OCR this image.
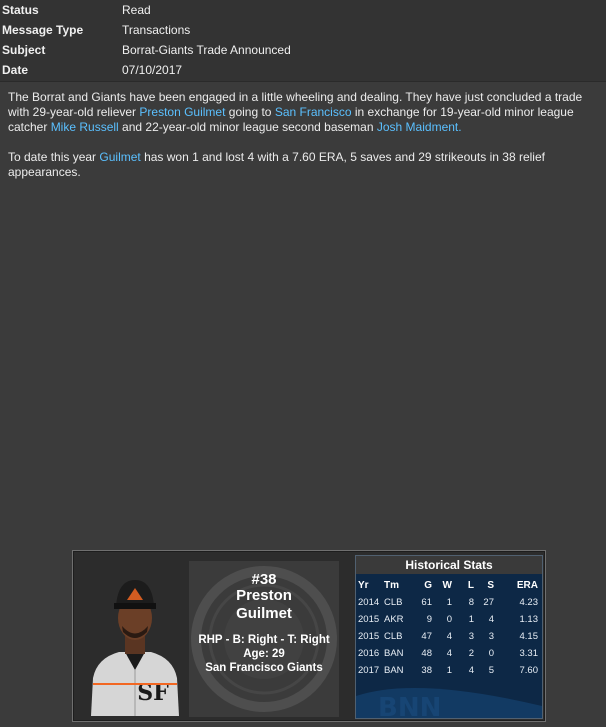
Status	Read
Message Type	Transactions
Subject	Borrat-Giants Trade Announced
Date	07/10/2017

The Borrat and Giants have been engaged in a little wheeling and dealing. They have just concluded a trade with 29-year-old reliever Preston Guilmet going to San Francisco in exchange for 19-year-old minor league catcher Mike Russell and 22-year-old minor league second baseman Josh Maidment.

To date this year Guilmet has won 1 and lost 4 with a 7.60 ERA, 5 saves and 29 strikeouts in 38 relief appearances.

SF
#38
Preston
Guilmet
RHP - B: Right - T: Right
Age: 29
San Francisco Giants
BNN
Historical Stats
Yr Tm	G W L S ERA
2014 CLB 61 1 8 27	4.23
2015 AKR 9 0 1 4	1.13
2015 CLB 47 4 3 3	4.15
2016 BAN 48 4 2 0	3.31
2017 BAN 38 1 4 5	7.60
